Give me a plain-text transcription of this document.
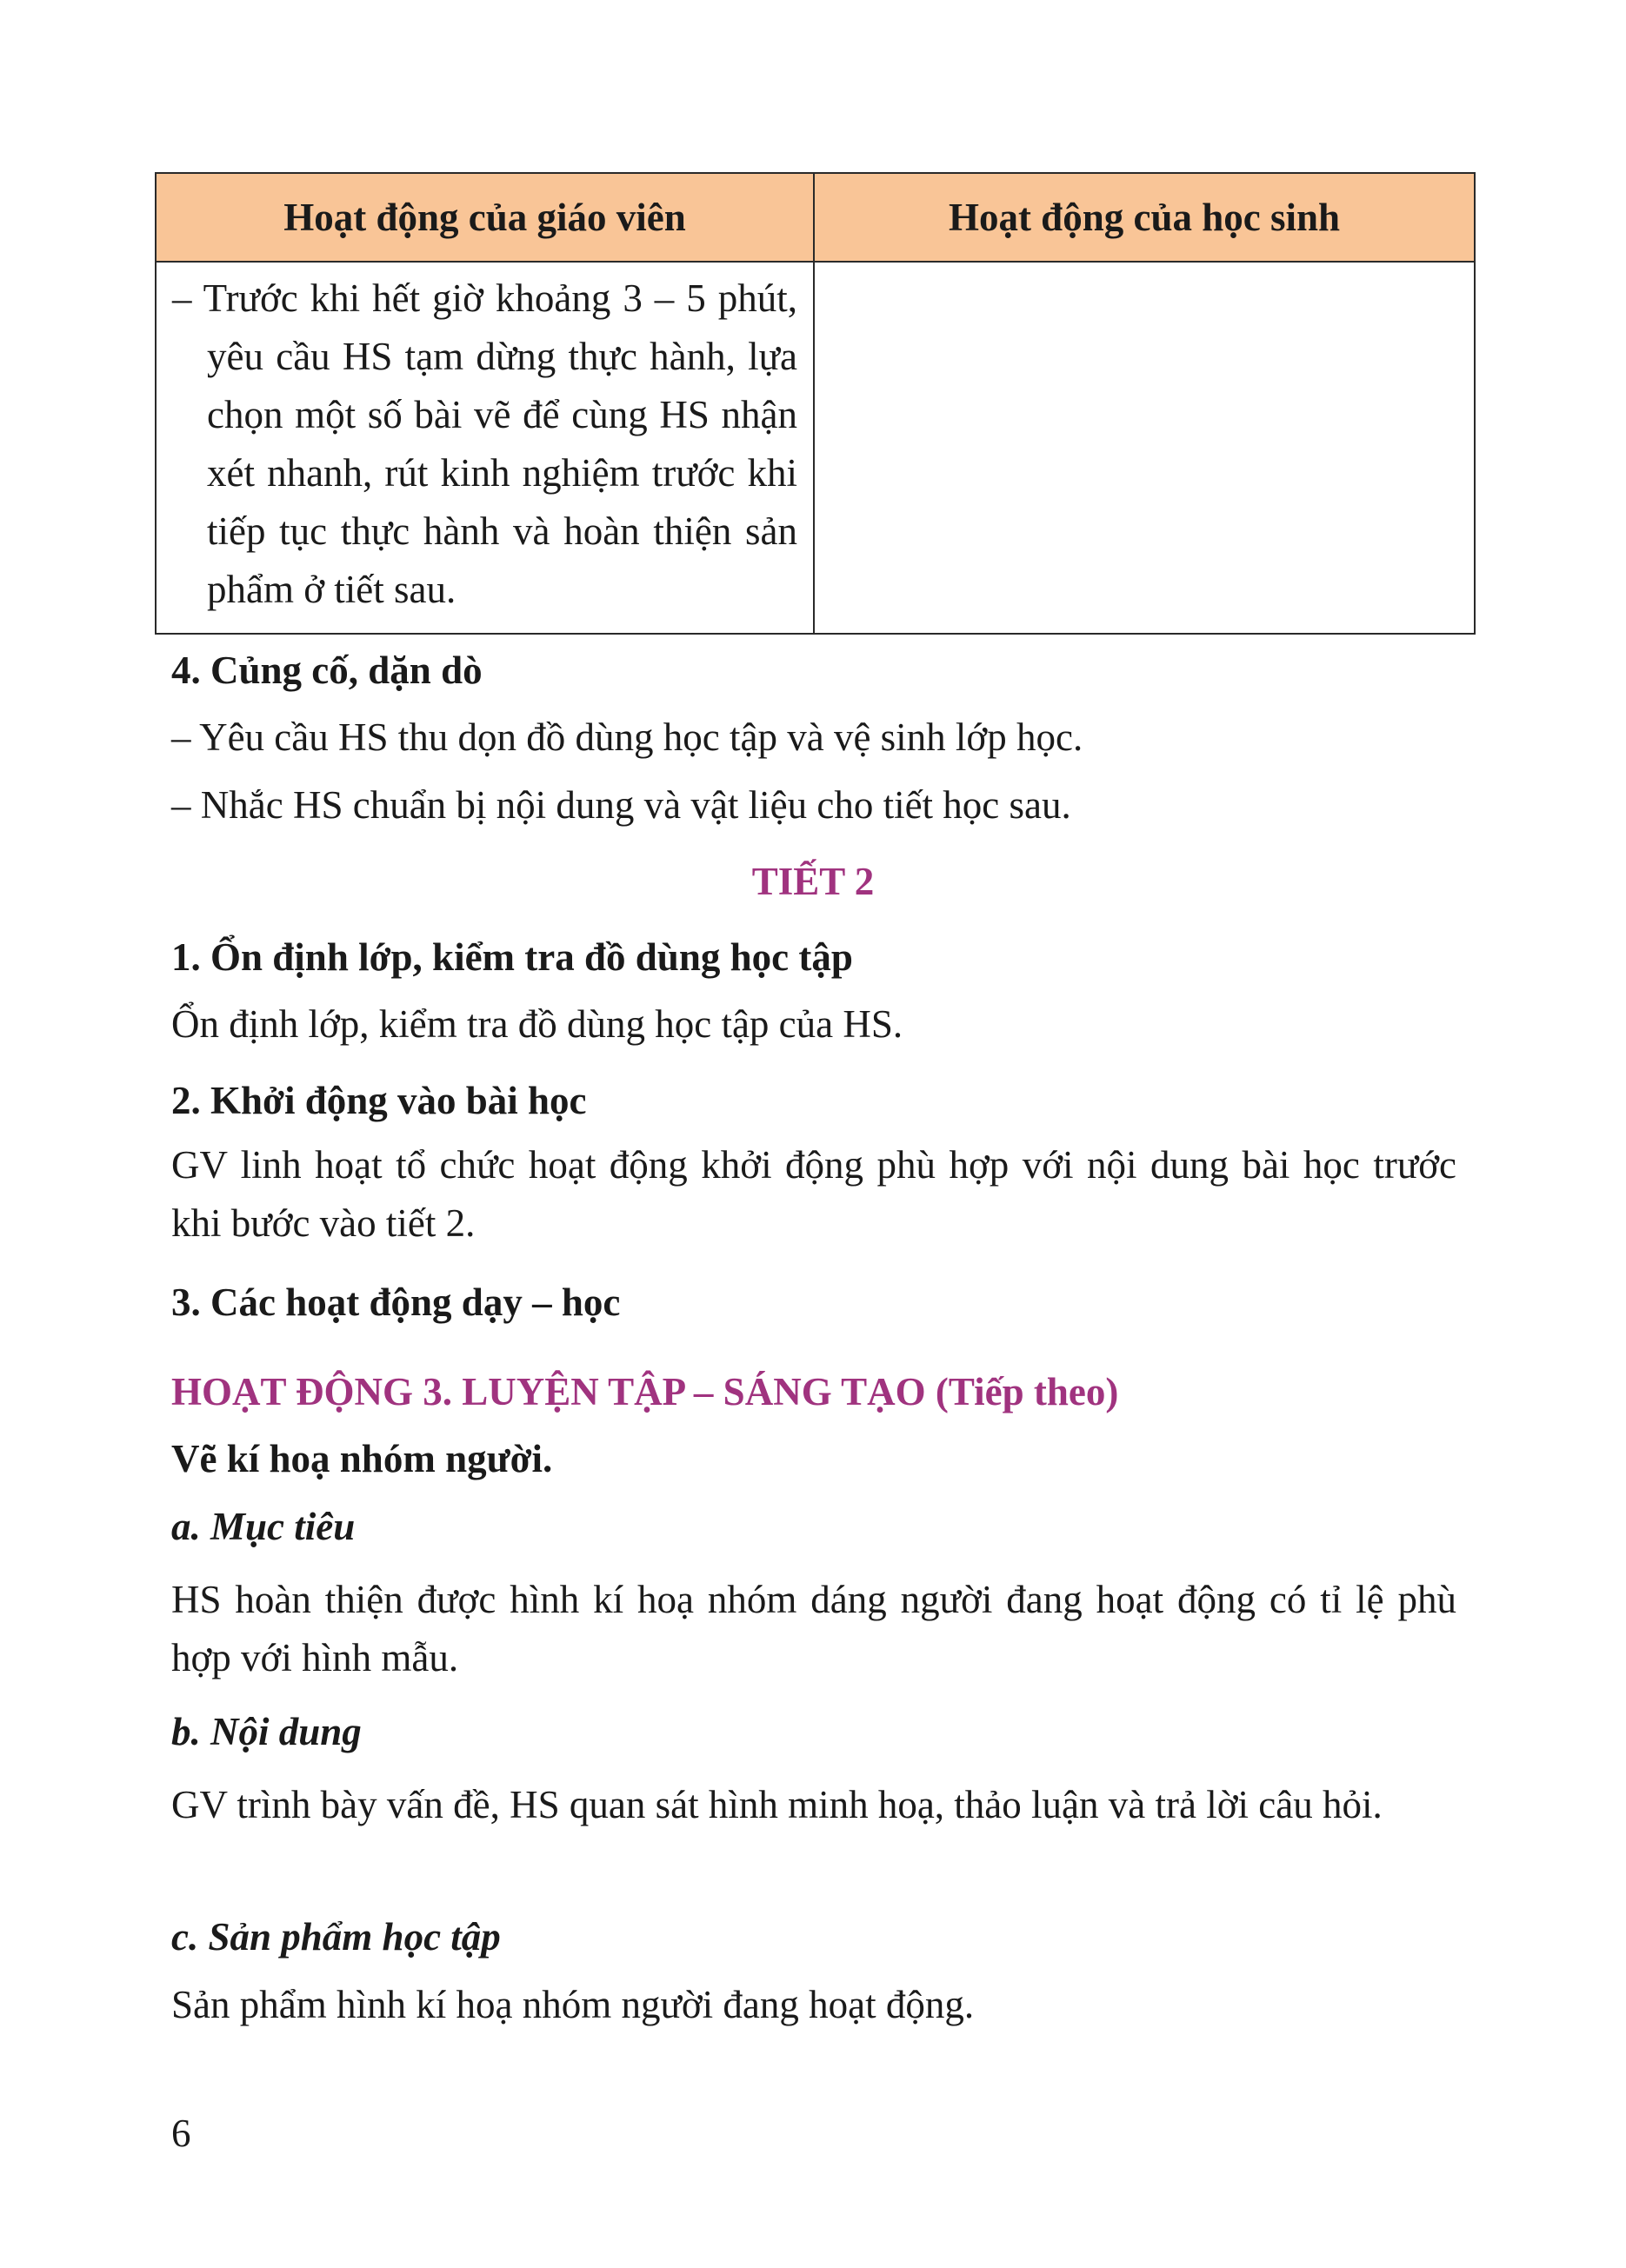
Hoạt động của giáo viên	Hoạt động của học sinh

– Trước khi hết giờ khoảng 3 – 5 phút, yêu cầu HS tạm dừng thực hành, lựa chọn một số bài vẽ để cùng HS nhận xét nhanh, rút kinh nghiệm trước khi tiếp tục thực hành và hoàn thiện sản phẩm ở tiết sau.	

4. Củng cố, dặn dò

– Yêu cầu HS thu dọn đồ dùng học tập và vệ sinh lớp học.

– Nhắc HS chuẩn bị nội dung và vật liệu cho tiết học sau.

TIẾT 2

1. Ổn định lớp, kiểm tra đồ dùng học tập

Ổn định lớp, kiểm tra đồ dùng học tập của HS.

2. Khởi động vào bài học

GV linh hoạt tổ chức hoạt động khởi động phù hợp với nội dung bài học trước khi bước vào tiết 2.

3. Các hoạt động dạy – học

HOẠT ĐỘNG 3. LUYỆN TẬP – SÁNG TẠO (Tiếp theo)

Vẽ kí hoạ nhóm người.

a. Mục tiêu

HS hoàn thiện được hình kí hoạ nhóm dáng người đang hoạt động có tỉ lệ phù hợp với hình mẫu.

b. Nội dung

GV trình bày vấn đề, HS quan sát hình minh hoạ, thảo luận và trả lời câu hỏi.

c. Sản phẩm học tập

Sản phẩm hình kí hoạ nhóm người đang hoạt động.

6
